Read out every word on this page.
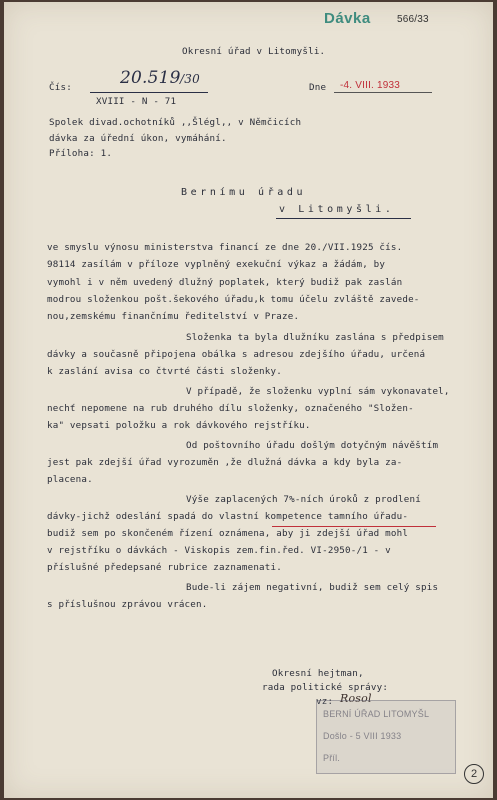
Dávka	566/33
Okresní úřad v Litomyšli.
Čís:	20.519 /30
XVIII - N - 71
Dne -4. VIII. 1933
Spolek divad.ochotníků ,,Šlégl,, v Němčicích
dávka za úřední úkon, vymáhání.
Příloha: 1.
Bernímu úřadu
v Litomyšli.
ve smyslu výnosu ministerstva financí ze dne 20./VII.1925 čís.
98114 zasílám v příloze vyplněný exekuční výkaz a žádám, by
vymohl i v něm uvedený dlužný poplatek, který budiž pak zaslán
modrou složenkou pošt.šekového úřadu,k tomu účelu zvláště zavede-
nou,zemskému finančnímu ředitelství v Praze.
Složenka ta byla dlužníku zaslána s předpisem
dávky a současně připojena obálka s adresou zdejšího úřadu, určená
k zaslání avisa co čtvrté části složenky.
V případě, že složenku vyplní sám vykonavatel,
nechť nepomene na rub druhého dílu složenky, označeného "Složen-
ka" vepsati položku a rok dávkového rejstříku.
Od poštovního úřadu došlým dotyčným návěštím
jest pak zdejší úřad vyrozuměn ,že dlužná dávka a kdy byla za-
placena.
Výše zaplacených 7%-ních úroků z prodlení
dávky-jichž odeslání spadá do vlastní kompetence tamního úřadu-
budiž sem po skončeném řízení oznámena, aby ji zdejší úřad mohl
v rejstříku o dávkách - Viskopis zem.fin.řed. VI-2950-/1 - v
příslušné předepsané rubrice zaznamenati.
Bude-li zájem negativní, budiž sem celý spis
s příslušnou zprávou vrácen.
Okresní hejtman,
rada politické správy:
vz: Rosol
BERNÍ ÚŘAD LITOMYŠL
Došlo - 5 VIII 1933
Příl.
2
